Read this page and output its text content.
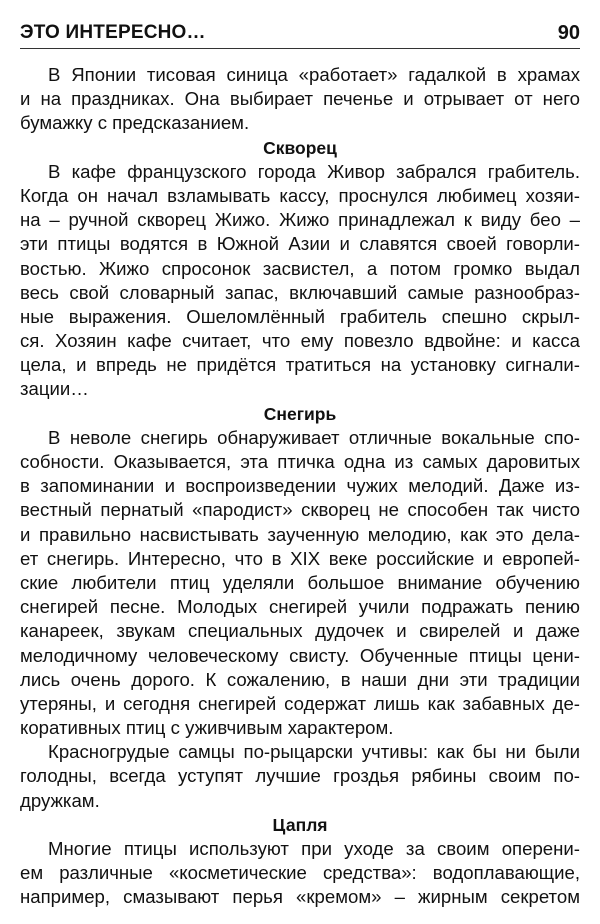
ЭТО ИНТЕРЕСНО…	90
В Японии тисовая синица «работает» гадалкой в храмах
и на праздниках. Она выбирает печенье и отрывает от него
бумажку с предсказанием.
Скворец
В кафе французского города Живор забрался грабитель.
Когда он начал взламывать кассу, проснулся любимец хозяи-
на – ручной скворец Жижо. Жижо принадлежал к виду бео –
эти птицы водятся в Южной Азии и славятся своей говорли-
востью. Жижо спросонок засвистел, а потом громко выдал
весь свой словарный запас, включавший самые разнообраз-
ные выражения. Ошеломлённый грабитель спешно скрыл-
ся. Хозяин кафе считает, что ему повезло вдвойне: и касса
цела, и впредь не придётся тратиться на установку сигнали-
зации…
Снегирь
В неволе снегирь обнаруживает отличные вокальные спо-
собности. Оказывается, эта птичка одна из самых даровитых
в запоминании и воспроизведении чужих мелодий. Даже из-
вестный пернатый «пародист» скворец не способен так чисто
и правильно насвистывать заученную мелодию, как это дела-
ет снегирь. Интересно, что в XIX веке российские и европей-
ские любители птиц уделяли большое внимание обучению
снегирей песне. Молодых снегирей учили подражать пению
канареек, звукам специальных дудочек и свирелей и даже
мелодичному человеческому свисту. Обученные птицы цени-
лись очень дорого. К сожалению, в наши дни эти традиции
утеряны, и сегодня снегирей содержат лишь как забавных де-
коративных птиц с уживчивым характером.
Красногрудые самцы по-рыцарски учтивы: как бы ни были
голодны, всегда уступят лучшие гроздья рябины своим по-
дружкам.
Цапля
Многие птицы используют при уходе за своим оперени-
ем различные «косметические средства»: водоплавающие,
например, смазывают перья «кремом» – жирным секретом
